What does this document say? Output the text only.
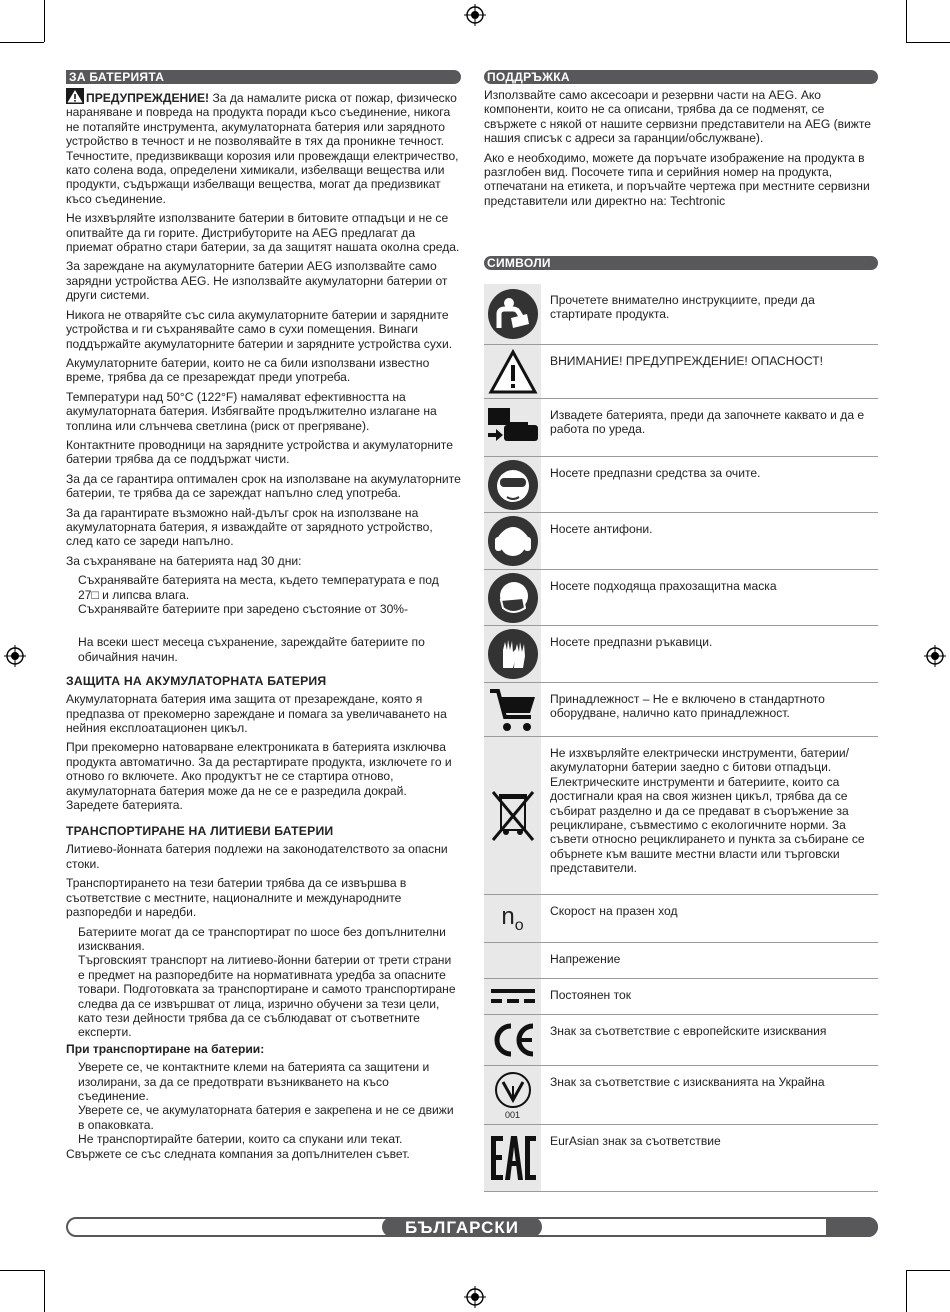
ЗА БАТЕРИЯТА

ПРЕДУПРЕЖДЕНИЕ! За да намалите риска от пожар, физическо нараняване и повреда на продукта поради късо съединение, никога не потапяйте инструмента, акумулаторната батерия или зарядното устройство в течност и не позволявайте в тях да проникне течност. Течностите, предизвикващи корозия или провеждащи електричество, като солена вода, определени химикали, избелващи вещества или продукти, съдържащи избелващи вещества, могат да предизвикат късо съединение.

Не изхвърляйте използваните батерии в битовите отпадъци и не се опитвайте да ги горите. Дистрибуторите на AEG предлагат да приемат обратно стари батерии, за да защитят нашата околна среда.

За зареждане на акумулаторните батерии AEG използвайте само зарядни устройства AEG. Не използвайте акумулаторни батерии от други системи.

Никога не отваряйте със сила акумулаторните батерии и зарядните устройства и ги съхранявайте само в сухи помещения. Винаги поддържайте акумулаторните батерии и зарядните устройства сухи.

Акумулаторните батерии, които не са били използвани известно време, трябва да се презареждат преди употреба.

Температури над 50°C (122°F) намаляват ефективността на акумулаторната батерия. Избягвайте продължително излагане на топлина или слънчева светлина (риск от прегряване).

Контактните проводници на зарядните устройства и акумулаторните батерии трябва да се поддържат чисти.

За да се гарантира оптимален срок на използване на акумулаторните батерии, те трябва да се зареждат напълно след употреба.

За да гарантирате възможно най-дълъг срок на използване на акумулаторната батерия, я изваждайте от зарядното устройство, след като се зареди напълно.

За съхраняване на батерията над 30 дни:

Съхранявайте батерията на места, където температурата е под 27□ и липсва влага.

Съхранявайте батериите при заредено състояние от 30%-

На всеки шест месеца съхранение, зареждайте батериите по обичайния начин.

ЗАЩИТА НА АКУМУЛАТОРНАТА БАТЕРИЯ

Акумулаторната батерия има защита от презареждане, която я предпазва от прекомерно зареждане и помага за увеличаването на нейния експлоатационен цикъл.

При прекомерно натоварване електрониката в батерията изключва продукта автоматично. За да рестартирате продукта, изключете го и отново го включете. Ако продуктът не се стартира отново, акумулаторната батерия може да не се е разредила докрай. Заредете батерията.

ТРАНСПОРТИРАНЕ НА ЛИТИЕВИ БАТЕРИИ

Литиево-йонната батерия подлежи на законодателството за опасни стоки.

Транспортирането на тези батерии трябва да се извършва в съответствие с местните, националните и международните разпоредби и наредби.

Батериите могат да се транспортират по шосе без допълнителни изисквания.

Търговският транспорт на литиево-йонни батерии от трети страни е предмет на разпоредбите на нормативната уредба за опасните товари. Подготовката за транспортиране и самото транспортиране следва да се извършват от лица, изрично обучени за тези цели, като тези дейности трябва да се съблюдават от съответните експерти.

При транспортиране на батерии:

Уверете се, че контактните клеми на батерията са защитени и изолирани, за да се предотврати възникването на късо съединение.

Уверете се, че акумулаторната батерия е закрепена и не се движи в опаковката.

Не транспортирайте батерии, които са спукани или текат.

Свържете се със следната компания за допълнителен съвет.

ПОДДРЪЖКА

Използвайте само аксесоари и резервни части на AEG. Ако компоненти, които не са описани, трябва да се подменят, се свържете с някой от нашите сервизни представители на AEG (вижте нашия списък с адреси за гаранции/обслужване).

Ако е необходимо, можете да поръчате изображение на продукта в разглобен вид. Посочете типа и серийния номер на продукта, отпечатани на етикета, и поръчайте чертежа при местните сервизни представители или директно на: Techtronic

СИМВОЛИ
Прочетете внимателно инструкциите, преди да стартирате продукта.
ВНИМАНИЕ! ПРЕДУПРЕЖДЕНИЕ! ОПАСНОСТ!
Извадете батерията, преди да започнете каквато и да е работа по уреда.
Носете предпазни средства за очите.
Носете антифони.
Носете подходяща прахозащитна маска
Носете предпазни ръкавици.
Принадлежност – Не е включено в стандартното оборудване, налично като принадлежност.
Не изхвърляйте електрически инструменти, батерии/акумулаторни батерии заедно с битови отпадъци. Електрическите инструменти и батериите, които са достигнали края на своя жизнен цикъл, трябва да се събират разделно и да се предават в съоръжение за рециклиране, съвместимо с екологичните норми. За съвети относно рециклирането и пункта за събиране се обърнете към вашите местни власти или търговски представители.
$n_o$
Скорост на празен ход
Напрежение
Постоянен ток
Знак за съответствие с европейските изисквания
001
Знак за съответствие с изискванията на Украйна
EurAsian знак за съответствие
БЪЛГАРСКИ
